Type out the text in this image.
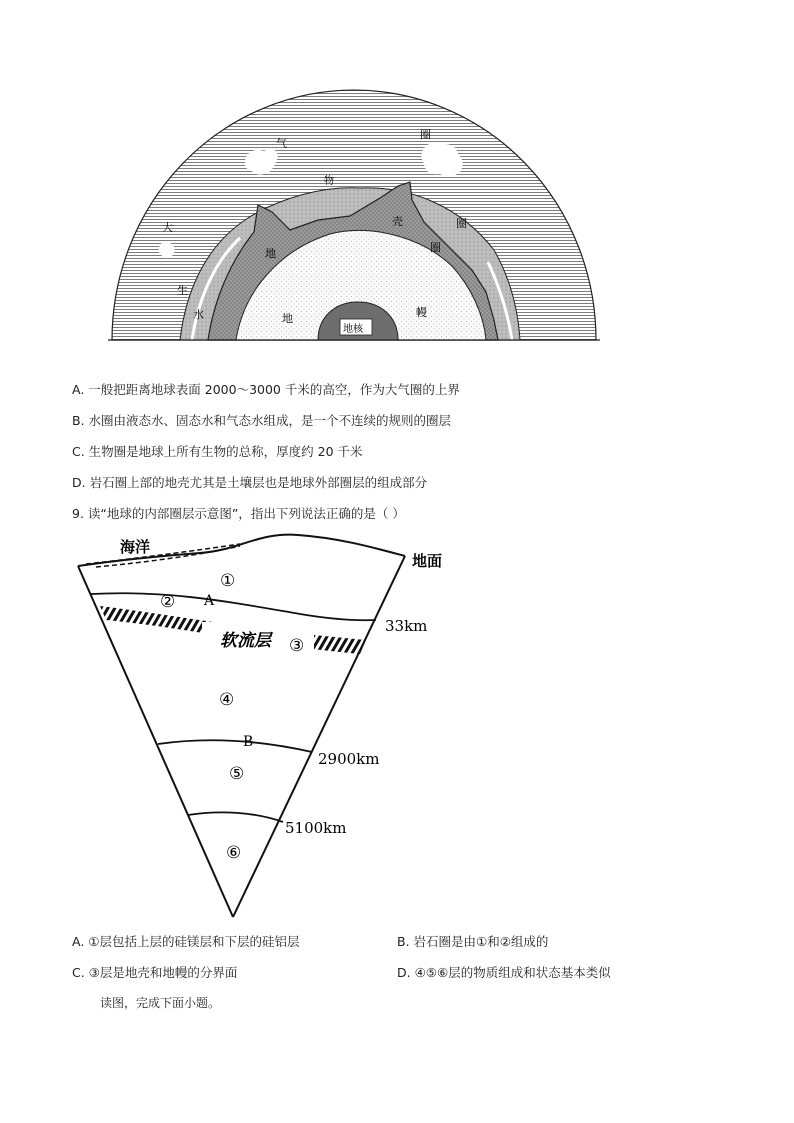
气
圈
大
物
壳	圈
圈
地
生
水	地	幔
地核
A. 一般把距离地球表面 2000～3000 千米的高空，作为大气圈的上界
B. 水圈由液态水、固态水和气态水组成，是一个不连续的规则的圈层
C. 生物圈是地球上所有生物的总称，厚度约 20 千米
D. 岩石圈上部的地壳尤其是土壤层也是地球外部圈层的组成部分
9. 读“地球的内部圈层示意图”，指出下列说法正确的是（ ）
海洋
地面
①
② A
33km
软流层 ③
④
B
2900km
⑤
5100km
⑥
A. ①层包括上层的硅镁层和下层的硅铝层	B. 岩石圈是由①和②组成的
C. ③层是地壳和地幔的分界面	D. ④⑤⑥层的物质组成和状态基本类似
读图，完成下面小题。
